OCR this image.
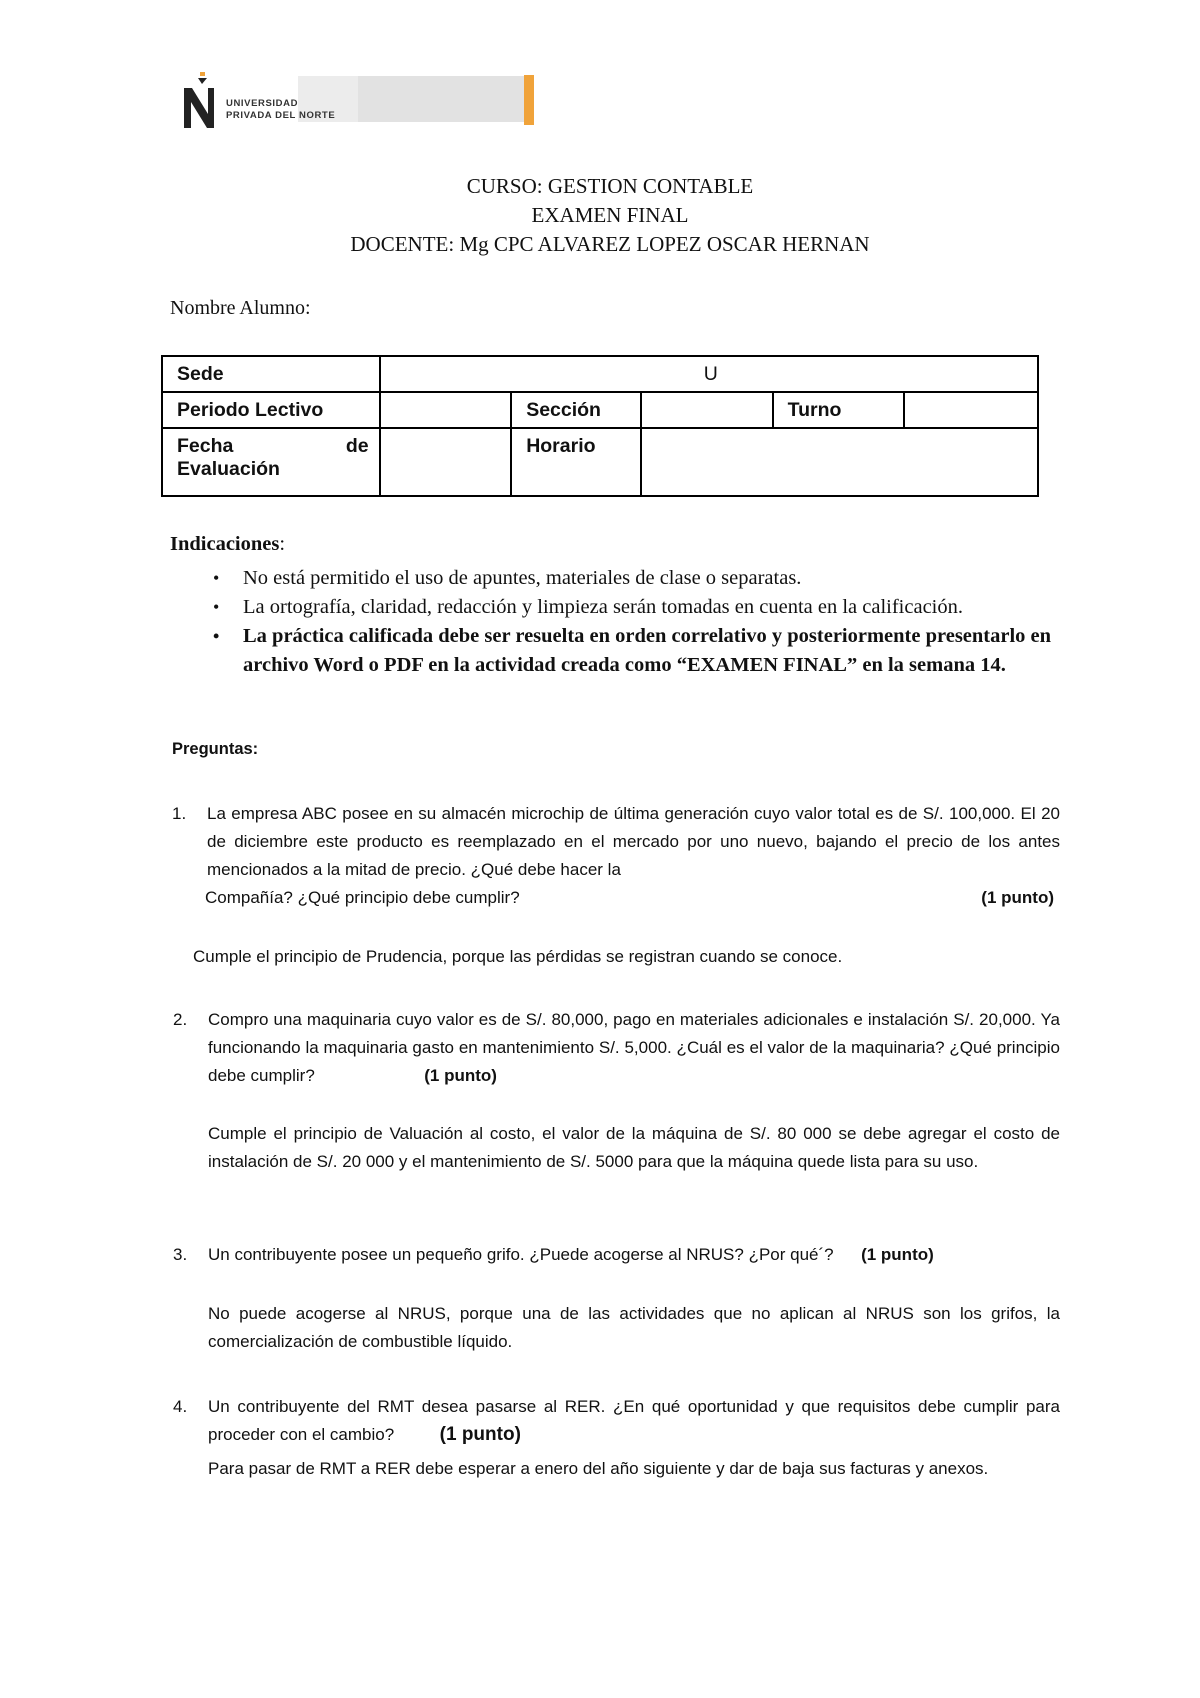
UNIVERSIDAD
PRIVADA DEL NORTE
CURSO: GESTION CONTABLE
EXAMEN FINAL
DOCENTE: Mg CPC ALVAREZ LOPEZ OSCAR HERNAN
Nombre Alumno:
Sede	U				
Periodo Lectivo		Sección		Turno	

Fecha de
Evaluación		Horario			
Indicaciones:
• No está permitido el uso de apuntes, materiales de clase o separatas.
• La ortografía, claridad, redacción y limpieza serán tomadas en cuenta en la calificación.
• La práctica calificada debe ser resuelta en orden correlativo y posteriormente presentarlo en archivo Word o PDF en la actividad creada como “EXAMEN FINAL” en la semana 14.
Preguntas:
1. La empresa ABC posee en su almacén microchip de última generación cuyo valor total es de S/. 100,000. El 20 de diciembre este producto es reemplazado en el mercado por uno nuevo, bajando el precio de los antes mencionados a la mitad de precio. ¿Qué debe hacer la
Compañía? ¿Qué principio debe cumplir?	(1 punto)
Cumple el principio de Prudencia, porque las pérdidas se registran cuando se conoce.
2. Compro una maquinaria cuyo valor es de S/. 80,000, pago en materiales adicionales e instalación S/. 20,000. Ya funcionando la maquinaria gasto en mantenimiento S/. 5,000. ¿Cuál es el valor de la maquinaria? ¿Qué principio debe cumplir?	(1 punto)
Cumple el principio de Valuación al costo, el valor de la máquina de S/. 80 000 se debe agregar el costo de instalación de S/. 20 000 y el mantenimiento de S/. 5000 para que la máquina quede lista para su uso.
3. Un contribuyente posee un pequeño grifo. ¿Puede acogerse al NRUS? ¿Por qué´? (1 punto)
No puede acogerse al NRUS, porque una de las actividades que no aplican al NRUS son los grifos, la comercialización de combustible líquido.
4. Un contribuyente del RMT desea pasarse al RER. ¿En qué oportunidad y que requisitos debe cumplir para proceder con el cambio? (1 punto)
Para pasar de RMT a RER debe esperar a enero del año siguiente y dar de baja sus facturas y anexos.
